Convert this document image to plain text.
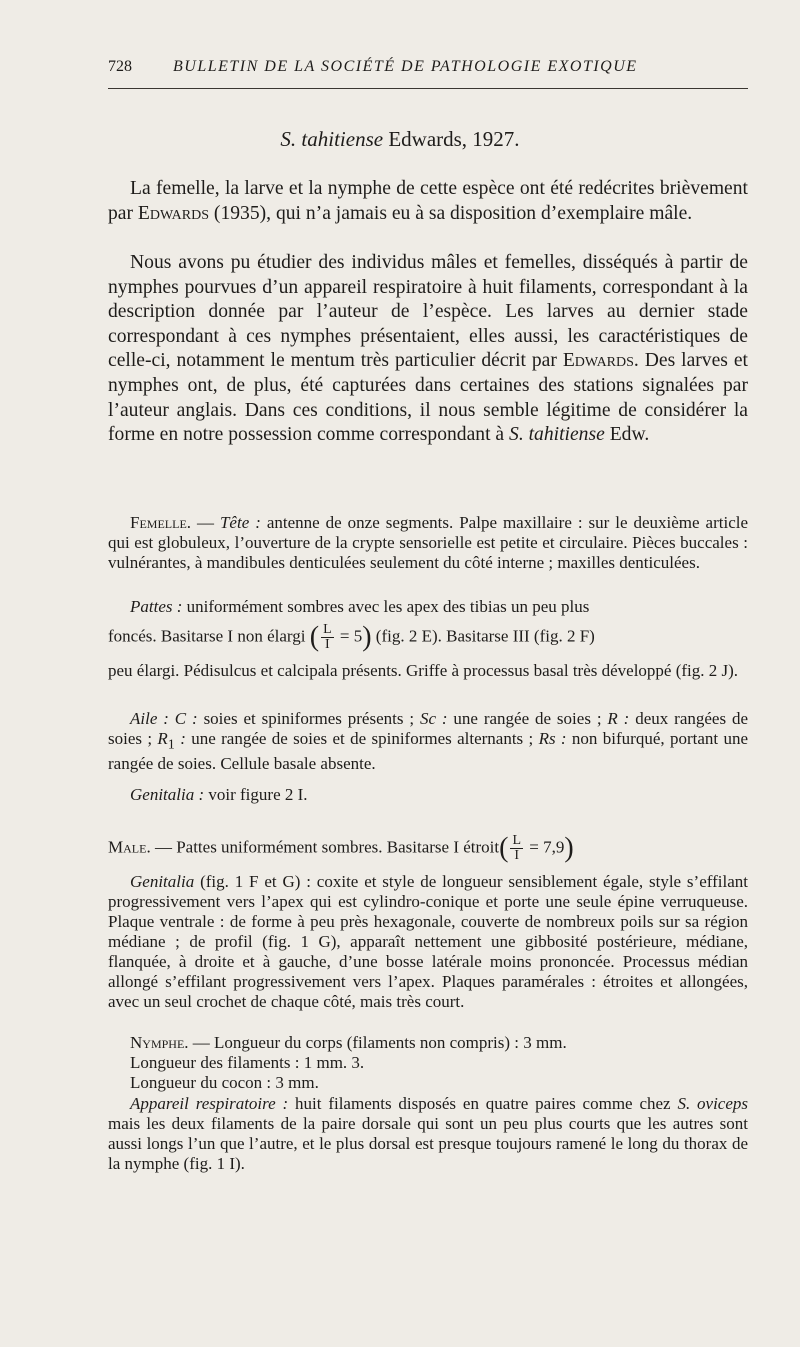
728	BULLETIN DE LA SOCIÉTÉ DE PATHOLOGIE EXOTIQUE
S. tahitiense Edwards, 1927.
La femelle, la larve et la nymphe de cette espèce ont été redécrites brièvement par Edwards (1935), qui n’a jamais eu à sa disposition d’exemplaire mâle.
Nous avons pu étudier des individus mâles et femelles, disséqués à partir de nymphes pourvues d’un appareil respiratoire à huit filaments, correspondant à la description donnée par l’auteur de l’espèce. Les larves au dernier stade correspondant à ces nymphes présentaient, elles aussi, les caractéristiques de celle-ci, notamment le mentum très particulier décrit par Edwards. Des larves et nymphes ont, de plus, été capturées dans certaines des stations signalées par l’auteur anglais. Dans ces conditions, il nous semble légitime de considérer la forme en notre possession comme correspondant à S. tahitiense Edw.
Femelle. — Tête : antenne de onze segments. Palpe maxillaire : sur le deuxième article qui est globuleux, l’ouverture de la crypte sensorielle est petite et circulaire. Pièces buccales : vulnérantes, à mandibules denticulées seulement du côté interne ; maxilles denticulées.
Pattes : uniformément sombres avec les apex des tibias un peu plus
foncés. Basitarse I non élargi ( $\frac{L}{I} = 5$) (fig. 2 E). Basitarse III (fig. 2 F)
peu élargi. Pédisulcus et calcipala présents. Griffe à processus basal très développé (fig. 2 J).
Aile : C : soies et spiniformes présents ; Sc : une rangée de soies ; R : deux rangées de soies ; $R_1$ : une rangée de soies et de spiniformes alternants ; Rs : non bifurqué, portant une rangée de soies. Cellule basale absente.
Genitalia : voir figure 2 I.
Male. — Pattes uniformément sombres. Basitarse I étroit( $\frac{L}{I} = 7,9$)
Genitalia (fig. 1 F et G) : coxite et style de longueur sensiblement égale, style s’effilant progressivement vers l’apex qui est cylindro-conique et porte une seule épine verruqueuse. Plaque ventrale : de forme à peu près hexagonale, couverte de nombreux poils sur sa région médiane ; de profil (fig. 1 G), apparaît nettement une gibbosité postérieure, médiane, flanquée, à droite et à gauche, d’une bosse latérale moins prononcée. Processus médian allongé s’effilant progressivement vers l’apex. Plaques paramérales : étroites et allongées, avec un seul crochet de chaque côté, mais très court.
Nymphe. — Longueur du corps (filaments non compris) : 3 mm.
Longueur des filaments : 1 mm. 3.
Longueur du cocon : 3 mm.
Appareil respiratoire : huit filaments disposés en quatre paires comme chez S. oviceps mais les deux filaments de la paire dorsale qui sont un peu plus courts que les autres sont aussi longs l’un que l’autre, et le plus dorsal est presque toujours ramené le long du thorax de la nymphe (fig. 1 I).
